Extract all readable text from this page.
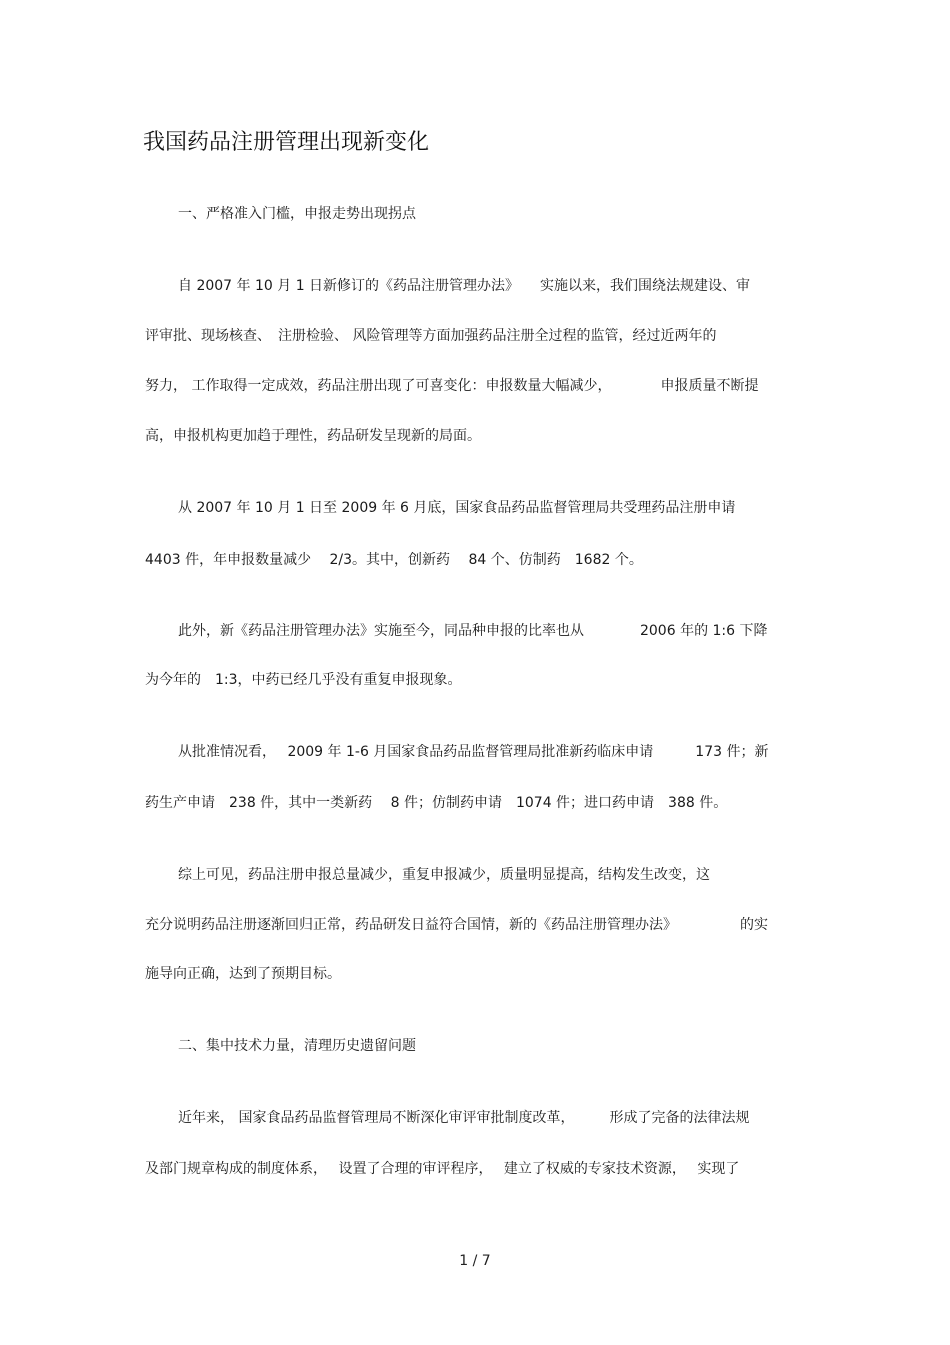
我国药品注册管理出现新变化
一、严格准入门槛，申报走势出现拐点
自 2007 年 10 月 1 日新修订的《药品注册管理办法》　　实施以来，我们围绕法规建设、审
评审批、现场核查、　注册检验、 风险管理等方面加强药品注册全过程的监管，经过近两年的
努力， 工作取得一定成效，药品注册出现了可喜变化：申报数量大幅减少，　　　　申报质量不断提
高，申报机构更加趋于理性，药品研发呈现新的局面。
从 2007 年 10 月 1 日至 2009 年 6 月底，国家食品药品监督管理局共受理药品注册申请
4403 件，年申报数量减少　 2/3。其中，创新药　 84 个、仿制药　1682 个。
此外，新《药品注册管理办法》实施至今，同品种申报的比率也从　　　　2006 年的 1:6 下降
为今年的　1:3，中药已经几乎没有重复申报现象。
从批准情况看，　 2009 年 1-6 月国家食品药品监督管理局批准新药临床申请　　　173 件；新
药生产申请　238 件，其中一类新药　 8 件；仿制药申请　1074 件；进口药申请　388 件。
综上可见，药品注册申报总量减少，重复申报减少，质量明显提高，结构发生改变，这
充分说明药品注册逐渐回归正常，药品研发日益符合国情，新的《药品注册管理办法》　　　　　的实
施导向正确，达到了预期目标。
二、集中技术力量，清理历史遗留问题
近年来， 国家食品药品监督管理局不断深化审评审批制度改革，　　　形成了完备的法律法规
及部门规章构成的制度体系，　 设置了合理的审评程序，　 建立了权威的专家技术资源，　 实现了
1 / 7
